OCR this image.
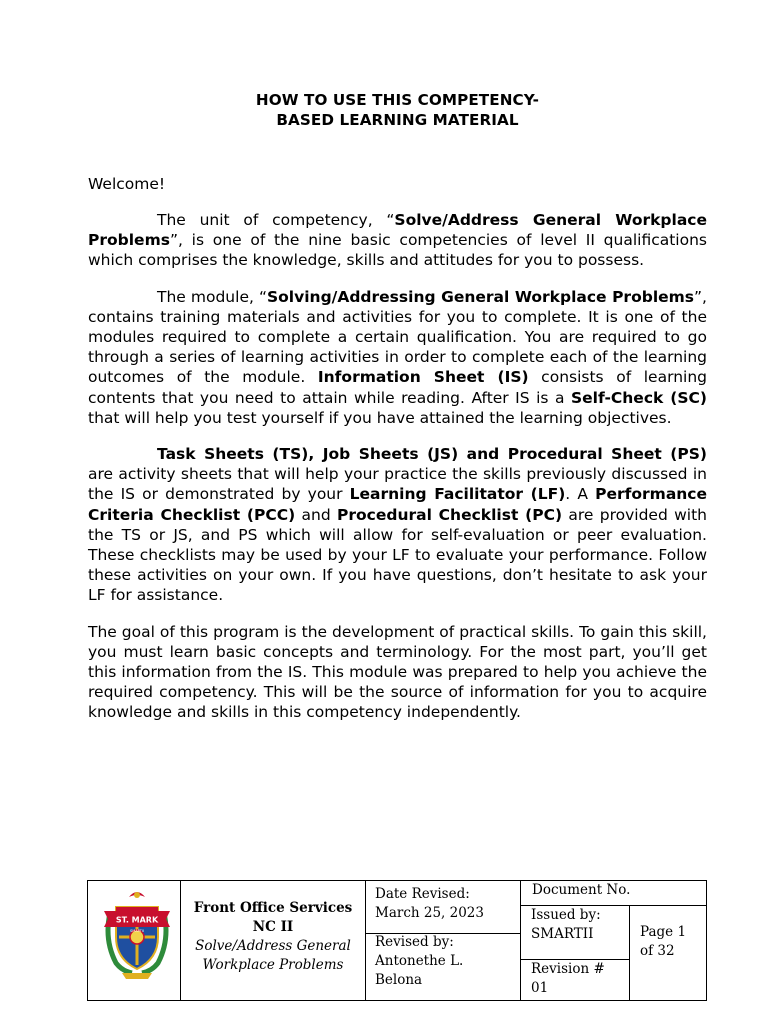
HOW TO USE THIS COMPETENCY-
BASED LEARNING MATERIAL

Welcome!

The unit of competency, “Solve/Address General Workplace Problems”, is one of the nine basic competencies of level II qualifications which comprises the knowledge, skills and attitudes for you to possess.

The module, “Solving/Addressing General Workplace Problems”, contains training materials and activities for you to complete. It is one of the modules required to complete a certain qualification. You are required to go through a series of learning activities in order to complete each of the learning outcomes of the module. Information Sheet (IS) consists of learning contents that you need to attain while reading. After IS is a Self-Check (SC) that will help you test yourself if you have attained the learning objectives.

Task Sheets (TS), Job Sheets (JS) and Procedural Sheet (PS) are activity sheets that will help your practice the skills previously discussed in the IS or demonstrated by your Learning Facilitator (LF). A Performance Criteria Checklist (PCC) and Procedural Checklist (PC) are provided with the TS or JS, and PS which will allow for self-evaluation or peer evaluation. These checklists may be used by your LF to evaluate your performance. Follow these activities on your own. If you have questions, don’t hesitate to ask your LF for assistance.

The goal of this program is the development of practical skills. To gain this skill, you must learn basic concepts and terminology. For the most part, you’ll get this information from the IS. This module was prepared to help you achieve the required competency. This will be the source of information for you to acquire knowledge and skills in this competency independently.

ST. MARK
SMARTII
Front Office Services
NC II
Solve/Address General
Workplace Problems
Date Revised:
March 25, 2023
Revised by:
Antonethe L.
Belona
Document No.
Issued by:
SMARTII
Revision #
01
Page 1
of 32
